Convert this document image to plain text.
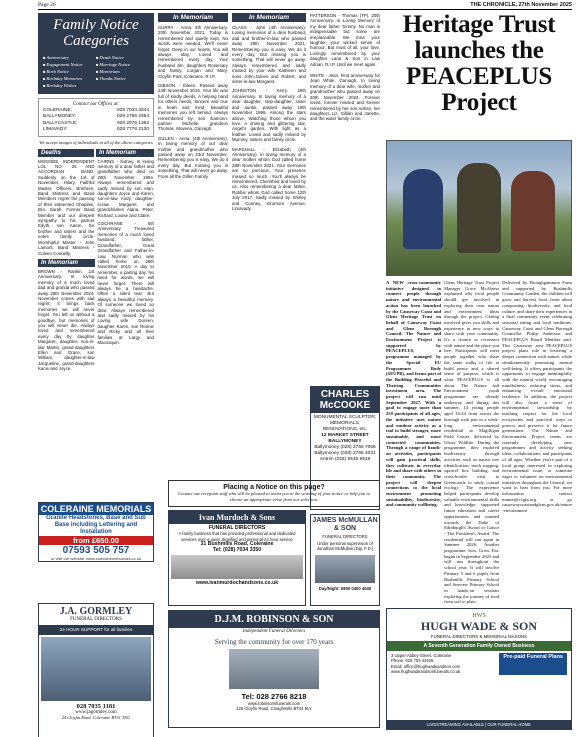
Page 26	THE CHRONICLE, 27th November 2025
Family Notice Categories
■ Anniversary	■ Death Notice
■ Engagement Notice	■ Marriage Notice
■ Birth Notice	■ Memoriam
■ Birthday Memories	■ Thanks Notice
■ Birthday Wishes
Contact our Offices at:
COLERAINE:	028 7034 3344
BALLYMONEY:	028 2766 2354
BALLYCASTLE:	028 2076 1362
LIMAVADY:	028 7776 2130
We accept images of individuals in all of the above categories
Deaths	In Memoriam
MOSSIDE INDEPENDENT LOL NO. 25 AND ACCORDIAN BAND. Suddenly on the 1st of November, Hilary. Faithful Master, Officers, Brethren, Band Mistress and Band Members regret the passing of their esteemed Chaplain, Bro. Sarah. Former Band Member and our deepest sympathy to his partner Edyth, son Aaron, his brother and sisters and the entire family circle. Worshipful Master - John Lamont. Band Mistress - Coleen Connelly.
In Memoriam
BROWN - Rankin. 1st Anniversary. In loving memory of a much loved dad and granda who passed away 28th November 2024. November comes with sad regret, it brings back memories we will never forget. You left us without a goodbye, but memories of you will never die. Always loved and remembered every day by daughter Margaret, daughter, son-in-law Martin, grand-daughters Ellen and Grace, son William, daughter-in-law Jacqueline, grand-daughters Kacie and Joyce.
CAIRNS - Sidney. In loving memory of a dear father and grandfather who died on 28th November 1994. Always remembered and sadly missed by son Alan, daughters Joyce and Karen, son-in-law Andy, daughter-in-law Margaret and grandchildren Alana, Peter, Richard, Louise and Claire.
COCHRANE - 6th Anniversary. Treasured memories of a much loved husband, father, Grandfather, Great Grandfather and Father-in-Law, Norman who was called home on 28th November 2019. A day to remember, a parting day. No need for words, we will never forget. There will always be a heartache. Often a silent tear. But always a beautiful memory. Of someone we loved so dear. Always remembered and sadly missed by his Loving wife Doreen, daughter Karen, son Ronnie and Ricky and all their families at Largy and Macosquin.
COLERAINE MEMORIALS
Granite Headstones, Base and Sub Base including Lettering and Installation
from £650.00
07593 505 757
or visit our website: www.colerainememorials.co.uk
J.A. GORMLEY
FUNERAL DIRECTORS
24 HOUR SUPPORT for all families
028 7035 1181
www.jagormley.com
24 Cloyfin Road, Coleraine BT51 3NU
In Memoriam
CURRY - Anna. 4th Anniversary. 20th November 2021. Today is remembered and quietly kept, No words were needed, We'll never forget. Deep in our hearts, You will always stay, Loved and remembered every day. Your husband Jim, daughters Rosemary and family, Lurgan and Mary, Cloyfin Park, Coleraine. R.I.P.
GIBSON - Eileen. Passed away 24th November 2016. Your life was full of kindly deeds, A helping hand for others needs, Sincere and true in heart and mind, Beautiful memories you left behind. Always remembered by son Eamonn, partner Michelle, grandson Thomas. Moveria, Garvagh.
GILLEN - Anna. (4th Anniversary). In loving memory of our dear mother and grandmother who passed away on 23rd November. Remembering you is easy, We do it every day, But missing you is something, That will never go away. From all the Gillen Family.
In Memoriam
GLASS - John (4th Anniversary). Loving memories of a dear husband, dad and brother-in-law who passed away 28th November 2021. Remembering you is easy, We do it every day, But missing you is something, That will never go away. Always remembered and sadly missed by your wife Kathleen and sons John-James and Robert, and sister-in-law Margaret.
JOHNSTON - Kerry. 26th Anniversary. In loving memory of a dear daughter, step-daughter, sister and auntie, passed away 19th November 1999. Among the stars above, Watching those whom you love. A shining and glittering star, Angel's garden. With light as a feather. Loved and sadly missed by Mummy, sisters and family circle.
MARSHALL - Elizabeth (4th Anniversary). In loving memory of a dear mother whom God called home 28th November 2021. Your memories are so precious, Your presence missed so much. You'll always be remembered, Cherished and loved by us. Also remembering a dear father, Robbie whom God called home 12th July 2017. Sadly missed by Shirley and Cunney, Dromore Avenue, Limavady.
PATTERSON - Thomas (TP). 20th Anniversary. In Loving Memory of my dear father Tommy. No man is indispensable but some are irreplaceable. We miss your laughter, your wicked sense of humour, But most of all, your love. Lovingly remembered by your daughter Lana & Son in Law Adrian. R.I.P. Until we meet again.
WHITE - Jean. First anniversary for Jean White, Garvagh. In loving memory of a dear wife, mother and grandmother who passed away on 30th November 2024. Forever loved, forever missed and forever remembered by her son Adrian, her daughters Liz, Gillian and Janette, and the wider family circle.
Placing a Notice on this page?
Contact our reception staff who will be pleased to assist you in the wording of your notice or help you to choose an appropriate verse from our selection.
Ivan Murdoch & Sons
FUNERAL DIRECTORS
A family business that has provided professional and dedicated services over a quiet, dignified and personal 24 hour service
31 Bushmills Road, Coleraine
Tel: (028) 7034 3350
www.ivanmurdochandsons.co.uk
CHARLES McCOOKE
MONUMENTAL SCULPTOR, MEMORIALS, RENOVATIONS, etc.
12 MARKET STREET BALLYMONEY
Ballymoney (028) 2766 7066
Ballymoney (028) 2766 4031
Antrim (028) 9446 9918
JAMES McMULLAN & SON
FUNERAL DIRECTORS
Under personal supervision of Jonathan McMullan (Dip. F.D.)
Day/Night: 0800 0400 4040
D.J.M. ROBINSON & SON
Independent Funeral Directors
Serving the community for over 170 years
Tel: 028 2766 8218
www.robinsonsfunerals.com
126 Cloyfin Road, Cloughmills BT44 9LY
Heritage Trust launches the PEACEPLUS Project
A NEW cross-community initiative designed to connect people through nature and environmental action has been launched by the Causeway Coast and Glens Heritage Trust on behalf of Causeway Coast and Glens Borough Council. The Nature and Environment Project is supported by PEACEPLUS, a programme managed by the Special EU Programmes Body (SEUPB), and forms part of the Building Peaceful and Thriving Communities investment area. The project will run until September 2027. With a goal to engage more than 250 participants of all ages, the initiative uses nature and outdoor activity as a tool to build stronger, more sustainable, and more connected communities. Through a range of hands-on activities, participants will gain practical skills, they cultivate in everyday life and share with others in their community. The project will deepen connections to the local environment promoting sustainability, biodiversity, and community wellbeing.
Glens Heritage Trust Project Manager Grace McAleese explained why local people should get involved in exploring their own nature and environment ideas through the project. Getting involved gives you skills and experience in new ways to share with your community. It's a chance to reconnect with nature and the place you live. Participants will meet people together who share the same walks of life to build peace and a shared sense of purpose, which is what PEACEPLUS is all about. The Nature and Environment youth programme are already underway and during this summer, 14 young people aged 16-24 from across the borough took part in a week-long environmental residential at Magilligan Field Centre, delivered by Ulster Wildlife. During the programme, they explored biodiversity through activities such as native tree identification, moth trapping, squirrel box building, and cross-border visit to Greencastle to study coastal ecology. The experience helped participants develop valuable environmental skills and knowledge, supported future education and career opportunities, and counted towards the Duke of Edinburgh's Award or Gaisce - The President's Award. The residential will run again in Summer 2026. Another programme, Sow, Grow, Eat, began in September 2025 and will run throughout the school year. It will involve Primary 5 and 6 pupils from Bushmills Primary School and Seaview Primary School in hands-on sessions exploring the journey of food from soil to plate.
Delivered by Broughgammon Farm and supported by Bushmills Community Garden, the children will grow and harvest food, learn about composting, biodiversity, and food culture, and share their experiences in a final community event celebrating seasonal eating and local traditions. Causeway Coast and Glens Borough Councillor Philip Anderson and PEACEPLUS Board Member said: This Causeway area PEACEPLUS project plans role in fostering a deeper connection with nature, while simultaneously promoting mental well-being. It offers participants the opportunity to engage meaningfully with the natural world, encouraging mindfulness, reducing stress, and enhancing overall emotional resilience. In addition, the project will also foster a sense of environmental stewardship by teaching respect for the local ecosystems and practical ways to protect and preserve it for future generations. The Nature and Environment Project teams are currently developing new programmes and activity seeking ideas, collaborations, and participants of all ages. Whether you're part of a local group interested in exploring environmental issue, or someone eager to volunteer on environmental initiatives throughout the Council, we want to hear from you. For more information contact manon@ccght.org or go causewaycoastandglens.gov.uk/nature -environment
HWS
HUGH WADE & SON
FUNERAL DIRECTORS & MEMORIAL MASONS
A Seventh Generation Family Owned Business
3 Upper Abbey Street, Coleraine
Phone: 028 703 43426
Email: office@hughwadeandson.com
www.hughwadeandsonfunerals.co.uk
Pre-paid Funeral Plans
LIVESTREAMING AVAILABLE | OUR FUNERAL HOME
